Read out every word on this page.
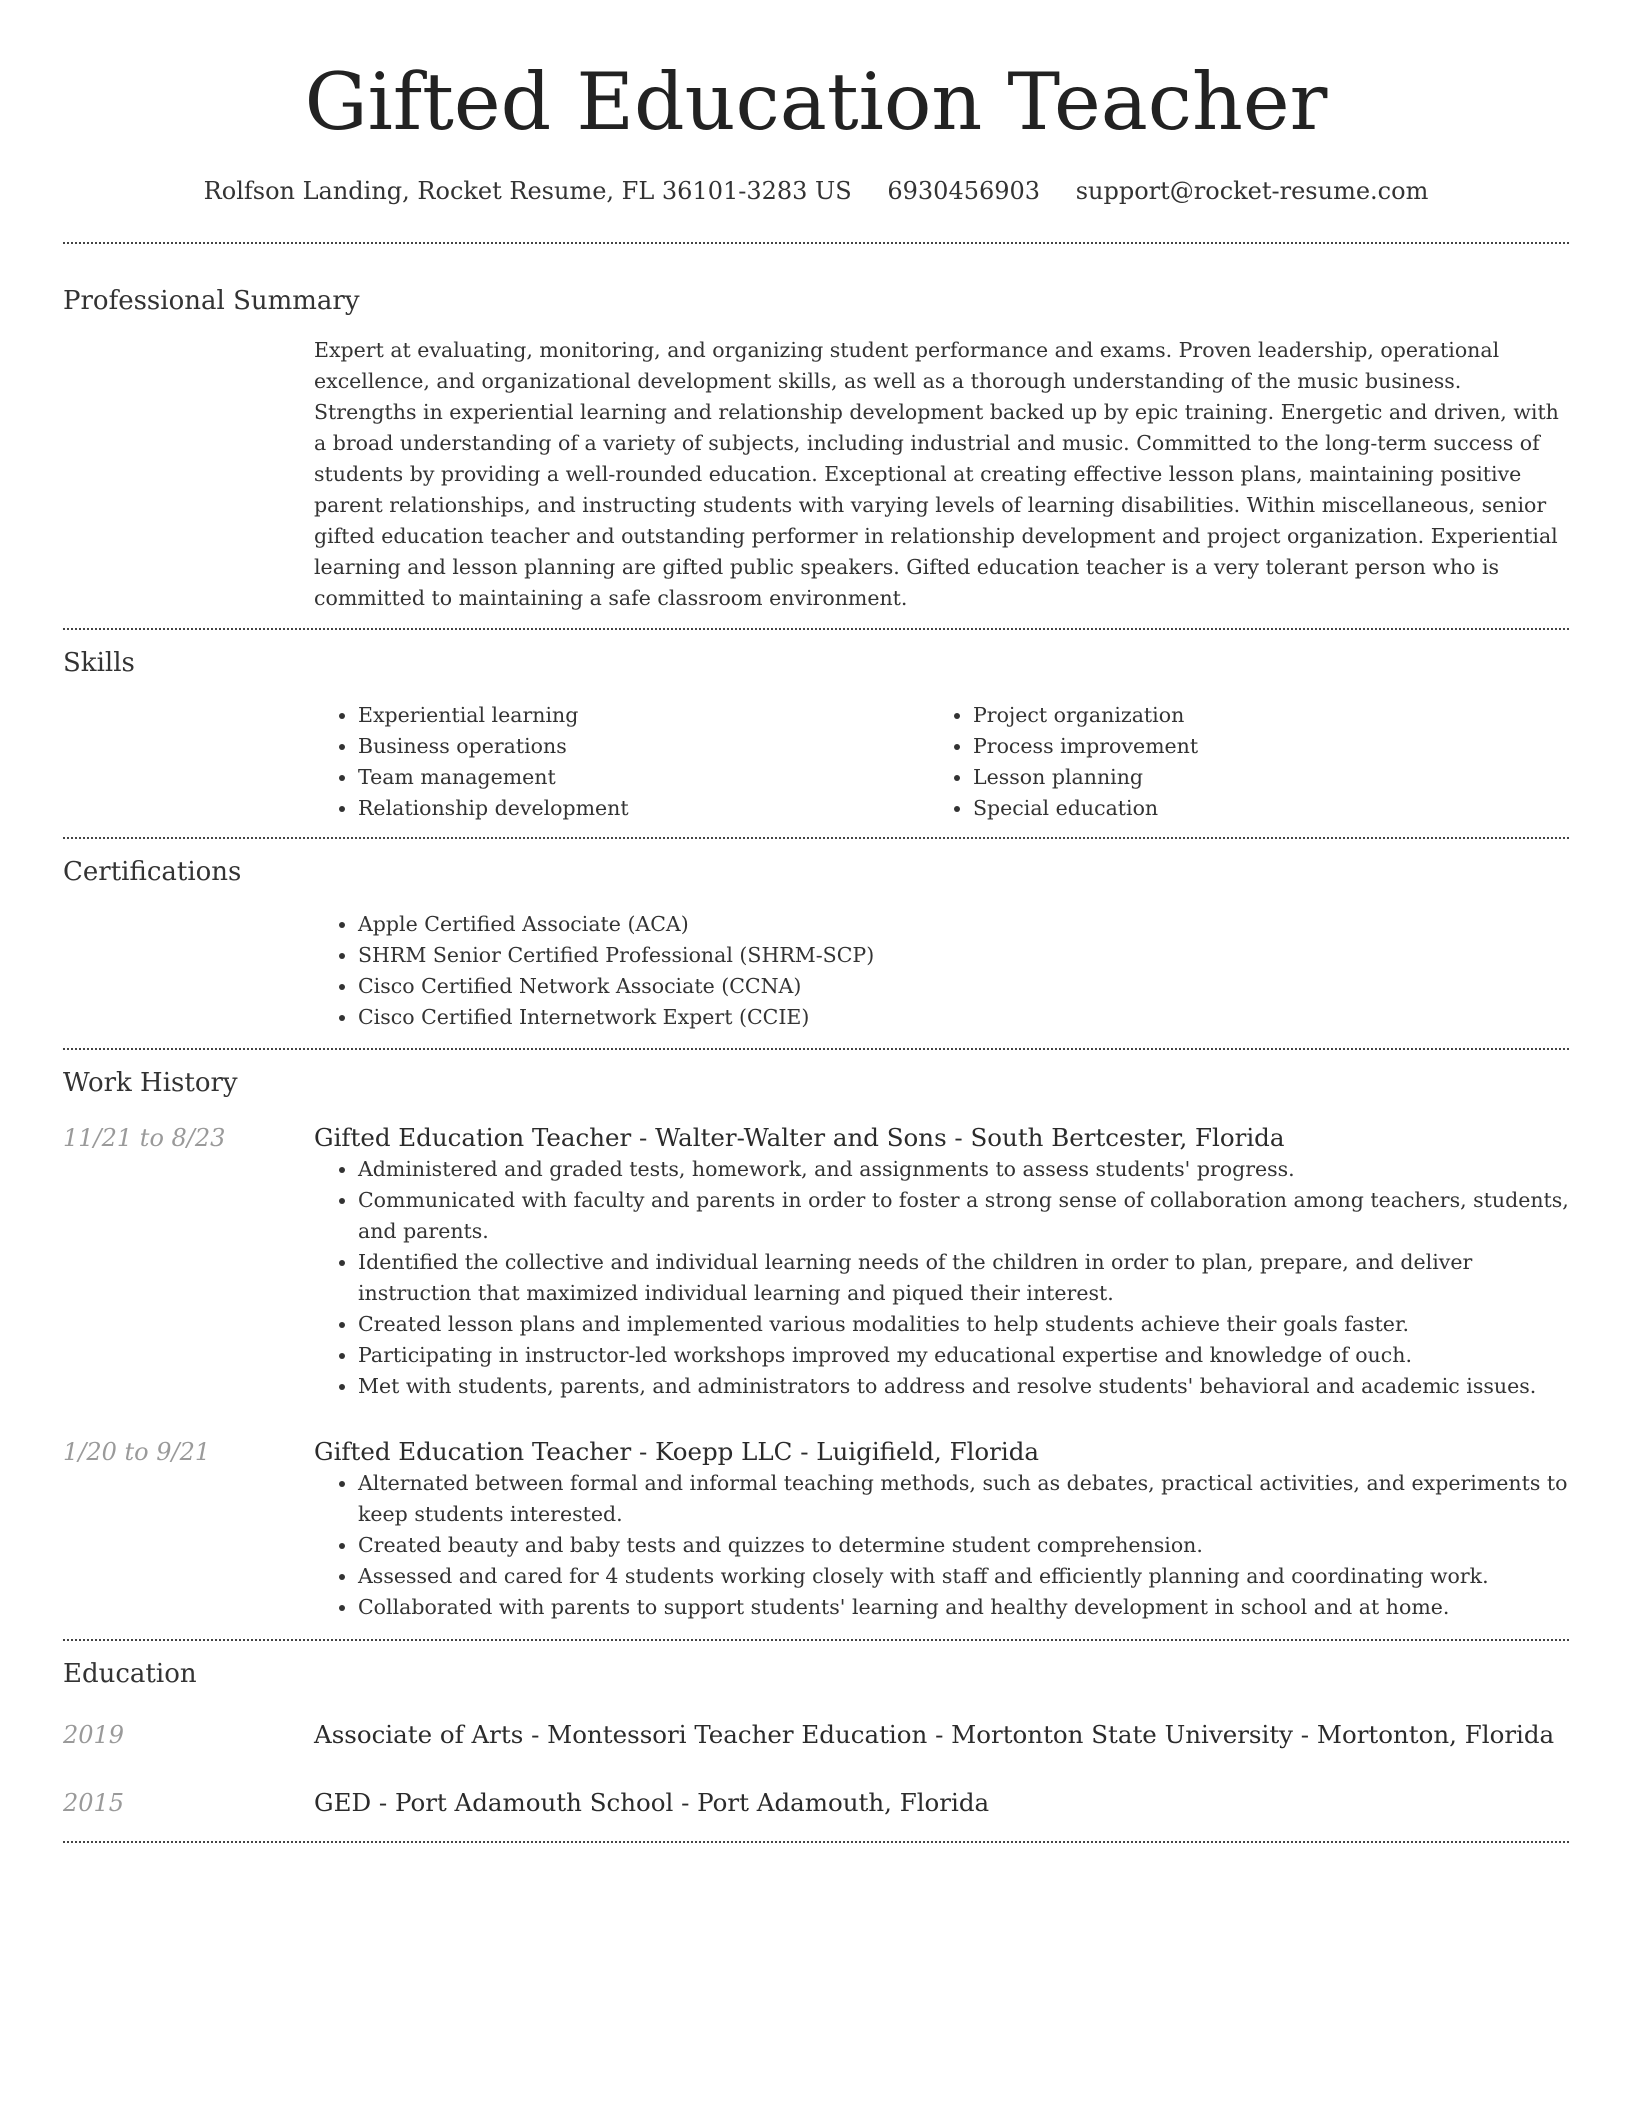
Gifted Education Teacher
Rolfson Landing, Rocket Resume, FL 36101-3283 US 6930456903 support@rocket-resume.com
Professional Summary

Expert at evaluating, monitoring, and organizing student performance and exams. Proven leadership, operational excellence, and organizational development skills, as well as a thorough understanding of the music business. Strengths in experiential learning and relationship development backed up by epic training. Energetic and driven, with a broad understanding of a variety of subjects, including industrial and music. Committed to the long-term success of students by providing a well-rounded education. Exceptional at creating effective lesson plans, maintaining positive parent relationships, and instructing students with varying levels of learning disabilities. Within miscellaneous, senior gifted education teacher and outstanding performer in relationship development and project organization. Experiential learning and lesson planning are gifted public speakers. Gifted education teacher is a very tolerant person who is committed to maintaining a safe classroom environment.

Skills
• Experiential learning
• Business operations
• Team management
• Relationship development
• Project organization
• Process improvement
• Lesson planning
• Special education
Certifications
• Apple Certified Associate (ACA)
• SHRM Senior Certified Professional (SHRM-SCP)
• Cisco Certified Network Associate (CCNA)
• Cisco Certified Internetwork Expert (CCIE)
Work History
11/21 to 8/23	Gifted Education Teacher - Walter-Walter and Sons - South Bertcester, Florida
• Administered and graded tests, homework, and assignments to assess students' progress.
• Communicated with faculty and parents in order to foster a strong sense of collaboration among teachers, students, and parents.
• Identified the collective and individual learning needs of the children in order to plan, prepare, and deliver instruction that maximized individual learning and piqued their interest.
• Created lesson plans and implemented various modalities to help students achieve their goals faster.
• Participating in instructor-led workshops improved my educational expertise and knowledge of ouch.
• Met with students, parents, and administrators to address and resolve students' behavioral and academic issues.
1/20 to 9/21	Gifted Education Teacher - Koepp LLC - Luigifield, Florida
• Alternated between formal and informal teaching methods, such as debates, practical activities, and experiments to keep students interested.
• Created beauty and baby tests and quizzes to determine student comprehension.
• Assessed and cared for 4 students working closely with staff and efficiently planning and coordinating work.
• Collaborated with parents to support students' learning and healthy development in school and at home.
Education
2019	Associate of Arts - Montessori Teacher Education - Mortonton State University - Mortonton, Florida
2015	GED - Port Adamouth School - Port Adamouth, Florida
